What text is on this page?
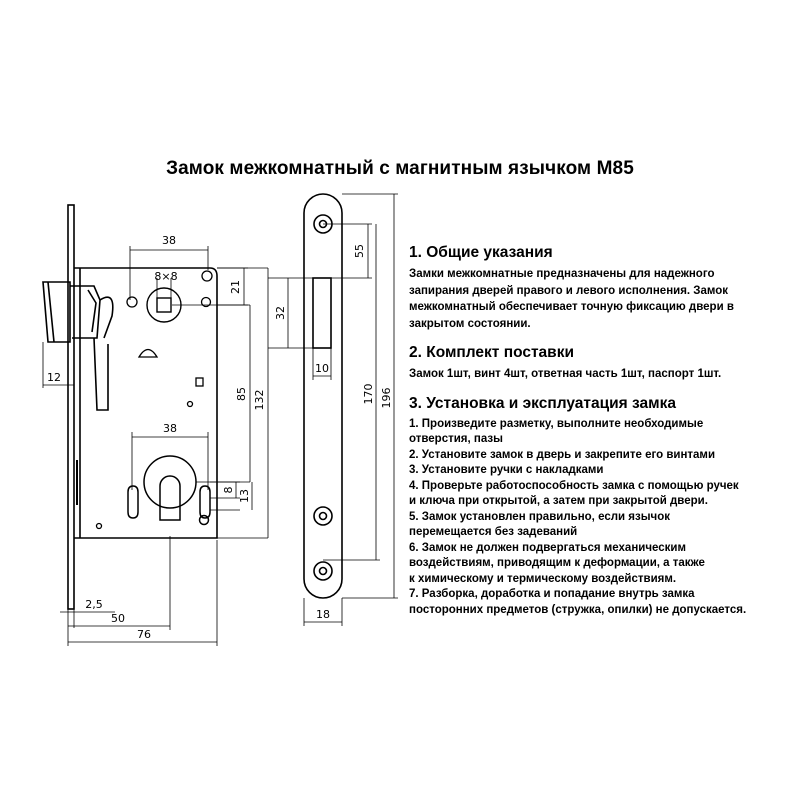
Замок межкомнатный с магнитным язычком М85
38
8×8
21
85 132
38
8 13
12
2,5
50
76
55
32
10
170 196
18
1. Общие указания

Замки межкомнатные предназначены для надежного

запирания дверей правого и левого исполнения. Замок

межкомнатный обеспечивает точную фиксацию двери в

закрытом состоянии.

2. Комплект поставки

Замок 1шт, винт 4шт, ответная часть 1шт, паспорт 1шт.

3. Установка и эксплуатация замка
1. Произведите разметку, выполните необходимые
отверстия, пазы
2. Установите замок в дверь и закрепите его винтами
3. Установите ручки с накладками
4. Проверьте работоспособность замка с помощью ручек
и ключа при открытой, а затем при закрытой двери.
5. Замок установлен правильно, если язычок
перемещается без задеваний
6. Замок не должен подвергаться механическим
воздействиям, приводящим к деформации, а также
к химическому и термическому воздействиям.
7. Разборка, доработка и попадание внутрь замка
посторонних предметов (стружка, опилки) не допускается.
